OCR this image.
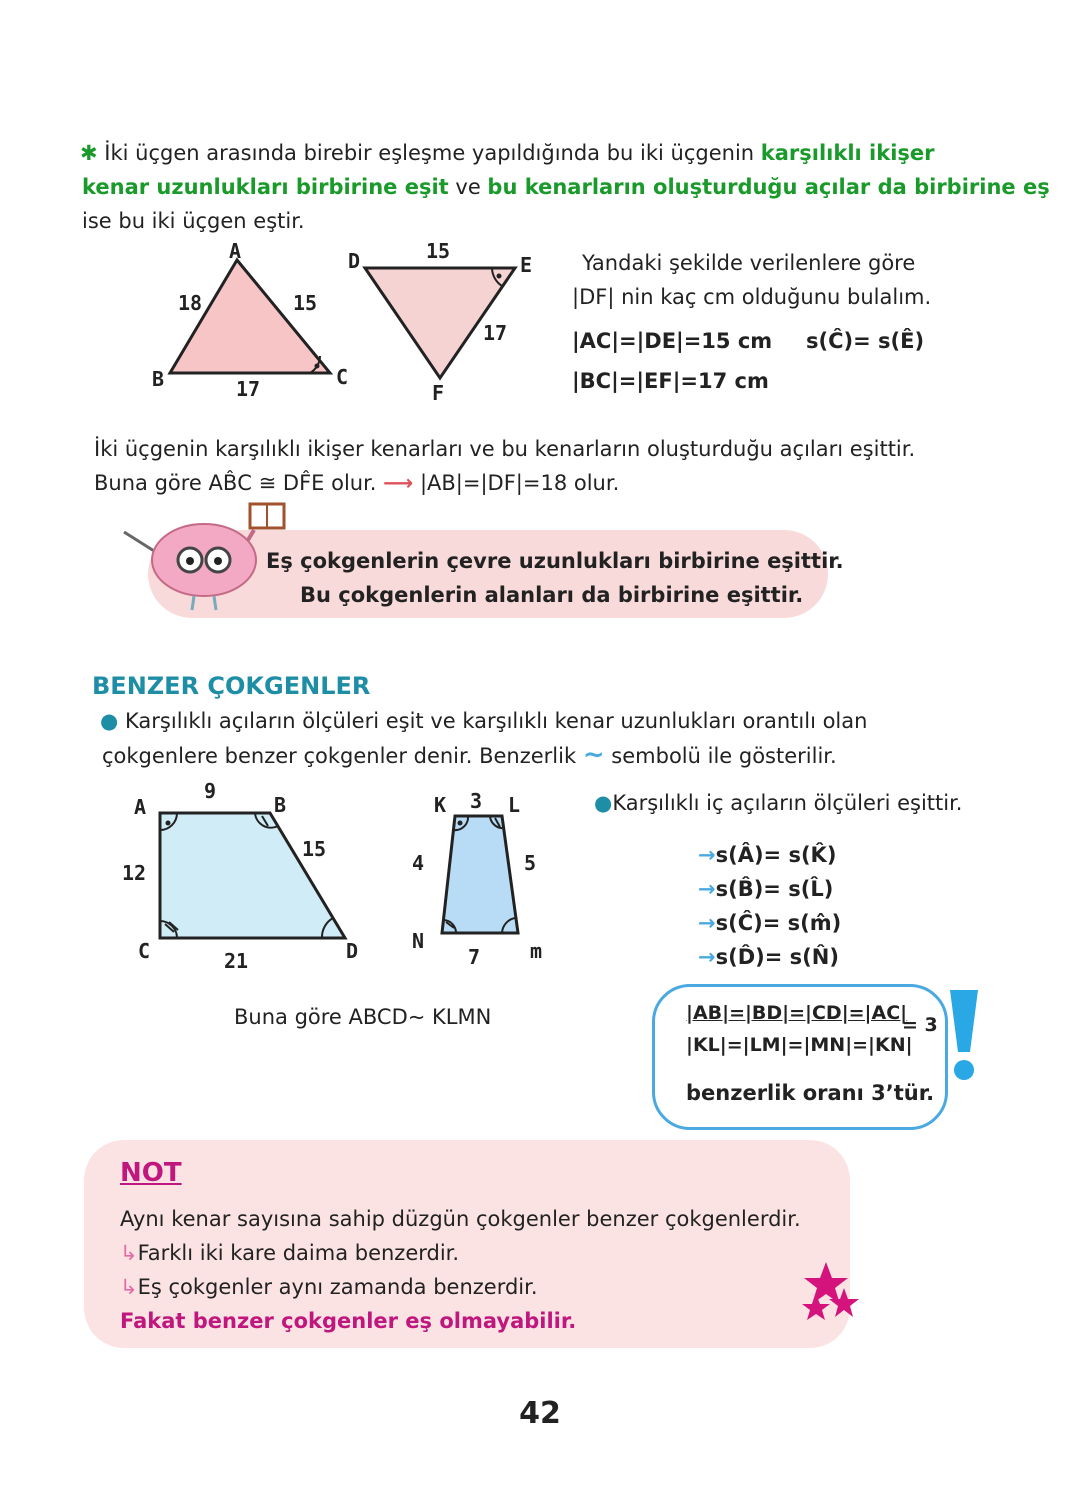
✱ İki üçgen arasında birebir eşleşme yapıldığında bu iki üçgenin karşılıklı ikişer
kenar uzunlukları birbirine eşit ve bu kenarların oluşturduğu açılar da birbirine eş
ise bu iki üçgen eştir.
A
B	C
18	15
17
D	E
F
15
17
Yandaki şekilde verilenlere göre
|DF| nin kaç cm olduğunu bulalım.
|AC|=|DE|=15 cm s(Ĉ)= s(Ê)
|BC|=|EF|=17 cm
İki üçgenin karşılıklı ikişer kenarları ve bu kenarların oluşturduğu açıları eşittir.
Buna göre AB̂C ≅ DF̂E olur. ⟶ |AB|=|DF|=18 olur.
Eş çokgenlerin çevre uzunlukları birbirine eşittir.
Bu çokgenlerin alanları da birbirine eşittir.
BENZER ÇOKGENLER
● Karşılıklı açıların ölçüleri eşit ve karşılıklı kenar uzunlukları orantılı olan
çokgenlere benzer çokgenler denir. Benzerlik ∼ sembolü ile gösterilir.
A	B
C	D
9
15
12
21
K	L
N	m
3
5
4
7
●Karşılıklı iç açıların ölçüleri eşittir.
→s(Â)= s(K̂)
→s(B̂)= s(L̂)
→s(Ĉ)= s(m̂)
→s(D̂)= s(N̂)
Buna göre ABCD∼ KLMN	|AB|=|BD|=|CD|=|AC|
|KL|=|LM|=|MN|=|KN|
= 3
benzerlik oranı 3’tür.
NOT
Aynı kenar sayısına sahip düzgün çokgenler benzer çokgenlerdir.
↳Farklı iki kare daima benzerdir.
↳Eş çokgenler aynı zamanda benzerdir.
Fakat benzer çokgenler eş olmayabilir.
42
